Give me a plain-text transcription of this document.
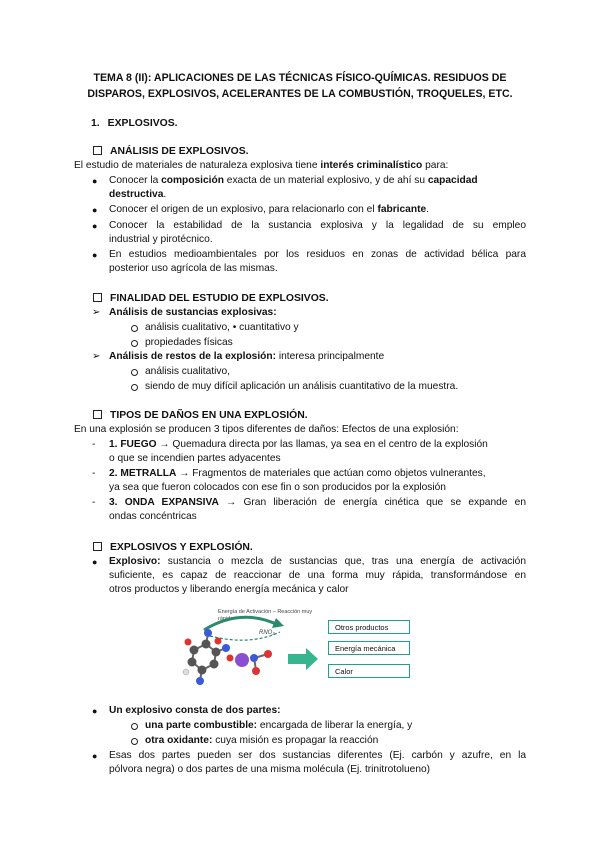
TEMA 8 (II): APLICACIONES DE LAS TÉCNICAS FÍSICO-QUÍMICAS. RESIDUOS DE
DISPAROS, EXPLOSIVOS, ACELERANTES DE LA COMBUSTIÓN, TROQUELES, ETC.
1. EXPLOSIVOS.
ANÁLISIS DE EXPLOSIVOS.
El estudio de materiales de naturaleza explosiva tiene interés criminalístico para:
● Conocer la composición exacta de un material explosivo, y de ahí su capacidad
destructiva.
● Conocer el origen de un explosivo, para relacionarlo con el fabricante.
● Conocer la estabilidad de la sustancia explosiva y la legalidad de su empleo
industrial y pirotécnico.
● En estudios medioambientales por los residuos en zonas de actividad bélica para
posterior uso agrícola de las mismas.
FINALIDAD DEL ESTUDIO DE EXPLOSIVOS.
➢ Análisis de sustancias explosivas:
análisis cualitativo, • cuantitativo y
propiedades físicas
➢ Análisis de restos de la explosión: interesa principalmente
análisis cualitativo,
siendo de muy difícil aplicación un análisis cuantitativo de la muestra.
TIPOS DE DAÑOS EN UNA EXPLOSIÓN.
En una explosión se producen 3 tipos diferentes de daños: Efectos de una explosión:
- 1. FUEGO → Quemadura directa por las llamas, ya sea en el centro de la explosión
o que se incendien partes adyacentes
- 2. METRALLA → Fragmentos de materiales que actúan como objetos vulnerantes,
ya sea que fueron colocados con ese fin o son producidos por la explosión
- 3. ONDA EXPANSIVA → Gran liberación de energía cinética que se expande en
ondas concéntricas
EXPLOSIVOS Y EXPLOSIÓN.
● Explosivo: sustancia o mezcla de sustancias que, tras una energía de activación
suficiente, es capaz de reaccionar de una forma muy rápida, transformándose en
otros productos y liberando energía mecánica y calor
Energía de Activación – Reacción muy
rápida
RNO₂
Otros productos
Energía mecánica
Calor
● Un explosivo consta de dos partes:
una parte combustible: encargada de liberar la energía, y
otra oxidante: cuya misión es propagar la reacción
● Esas dos partes pueden ser dos sustancias diferentes (Ej. carbón y azufre, en la
pólvora negra) o dos partes de una misma molécula (Ej. trinitrotolueno)
